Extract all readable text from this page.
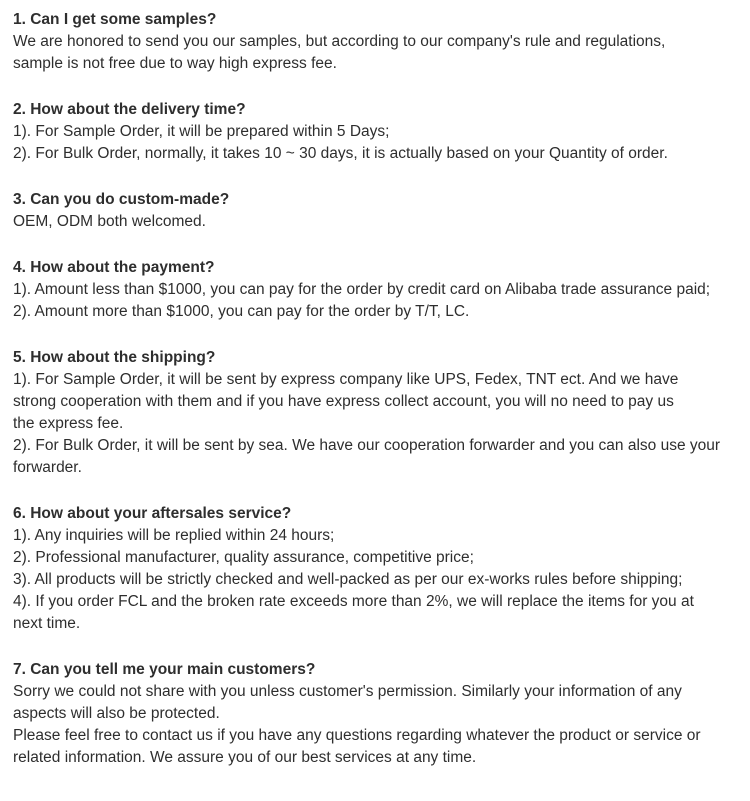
1. Can I get some samples?
We are honored to send you our samples, but according to our company's rule and regulations,
sample is not free due to way high express fee.
2. How about the delivery time?
1). For Sample Order, it will be prepared within 5 Days;
2). For Bulk Order, normally, it takes 10 ~ 30 days, it is actually based on your Quantity of order.
3. Can you do custom-made?
OEM, ODM both welcomed.
4. How about the payment?
1). Amount less than $1000, you can pay for the order by credit card on Alibaba trade assurance paid;
2). Amount more than $1000, you can pay for the order by T/T, LC.
5. How about the shipping?
1). For Sample Order, it will be sent by express company like UPS, Fedex, TNT ect. And we have
strong cooperation with them and if you have express collect account, you will no need to pay us
the express fee.
2). For Bulk Order, it will be sent by sea. We have our cooperation forwarder and you can also use your
forwarder.
6. How about your aftersales service?
1). Any inquiries will be replied within 24 hours;
2). Professional manufacturer, quality assurance, competitive price;
3). All products will be strictly checked and well-packed as per our ex-works rules before shipping;
4). If you order FCL and the broken rate exceeds more than 2%, we will replace the items for you at
next time.
7. Can you tell me your main customers?
Sorry we could not share with you unless customer's permission. Similarly your information of any
aspects will also be protected.
Please feel free to contact us if you have any questions regarding whatever the product or service or
related information. We assure you of our best services at any time.
